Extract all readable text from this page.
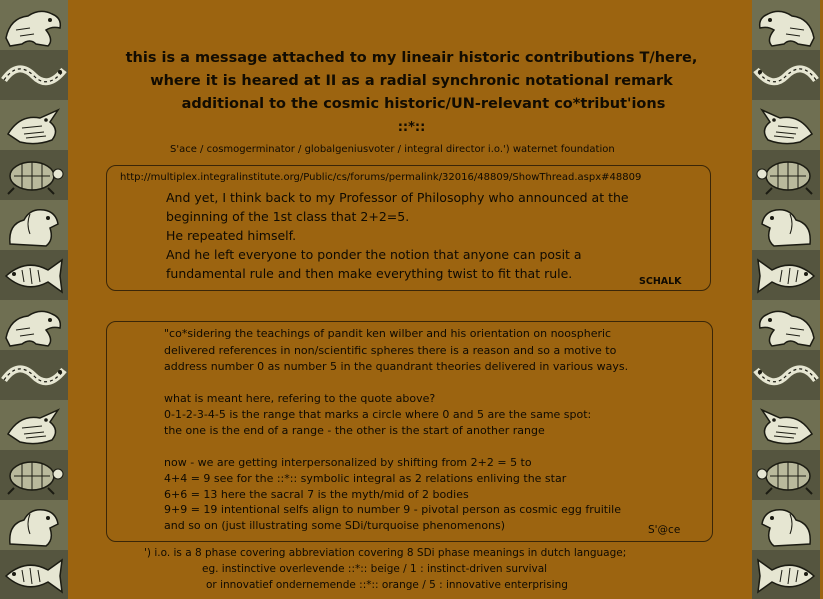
this is a message attached to my lineair historic contributions T/here,
where it is heared at II as a radial synchronic notational remark
additional to the cosmic historic/UN-relevant co*tribut'ions
::*::
S'ace / cosmogerminator / globalgeniusvoter / integral director i.o.') waternet foundation
http://multiplex.integralinstitute.org/Public/cs/forums/permalink/32016/48809/ShowThread.aspx#48809
And yet, I think back to my Professor of Philosophy who announced at the
beginning of the 1st class that 2+2=5.
He repeated himself.
And he left everyone to ponder the notion that anyone can posit a
fundamental rule and then make everything twist to fit that rule.
SCHALK
"co*sidering the teachings of pandit ken wilber and his orientation on noospheric
delivered references in non/scientific spheres there is a reason and so a motive to
address number 0 as number 5 in the quandrant theories delivered in various ways.
what is meant here, refering to the quote above?
0-1-2-3-4-5 is the range that marks a circle where 0 and 5 are the same spot:
the one is the end of a range - the other is the start of another range
now - we are getting interpersonalized by shifting from 2+2 = 5 to
4+4 = 9 see for the ::*:: symbolic integral as 2 relations enliving the star
6+6 = 13 here the sacral 7 is the myth/mid of 2 bodies
9+9 = 19 intentional selfs align to number 9 - pivotal person as cosmic egg fruitile
and so on (just illustrating some SDi/turquoise phenomenons)	S'@ce
') i.o. is a 8 phase covering abbreviation covering 8 SDi phase meanings in dutch language;
eg. instinctive overlevende ::*:: beige / 1 : instinct-driven survival
or innovatief ondernemende ::*:: orange / 5 : innovative enterprising
